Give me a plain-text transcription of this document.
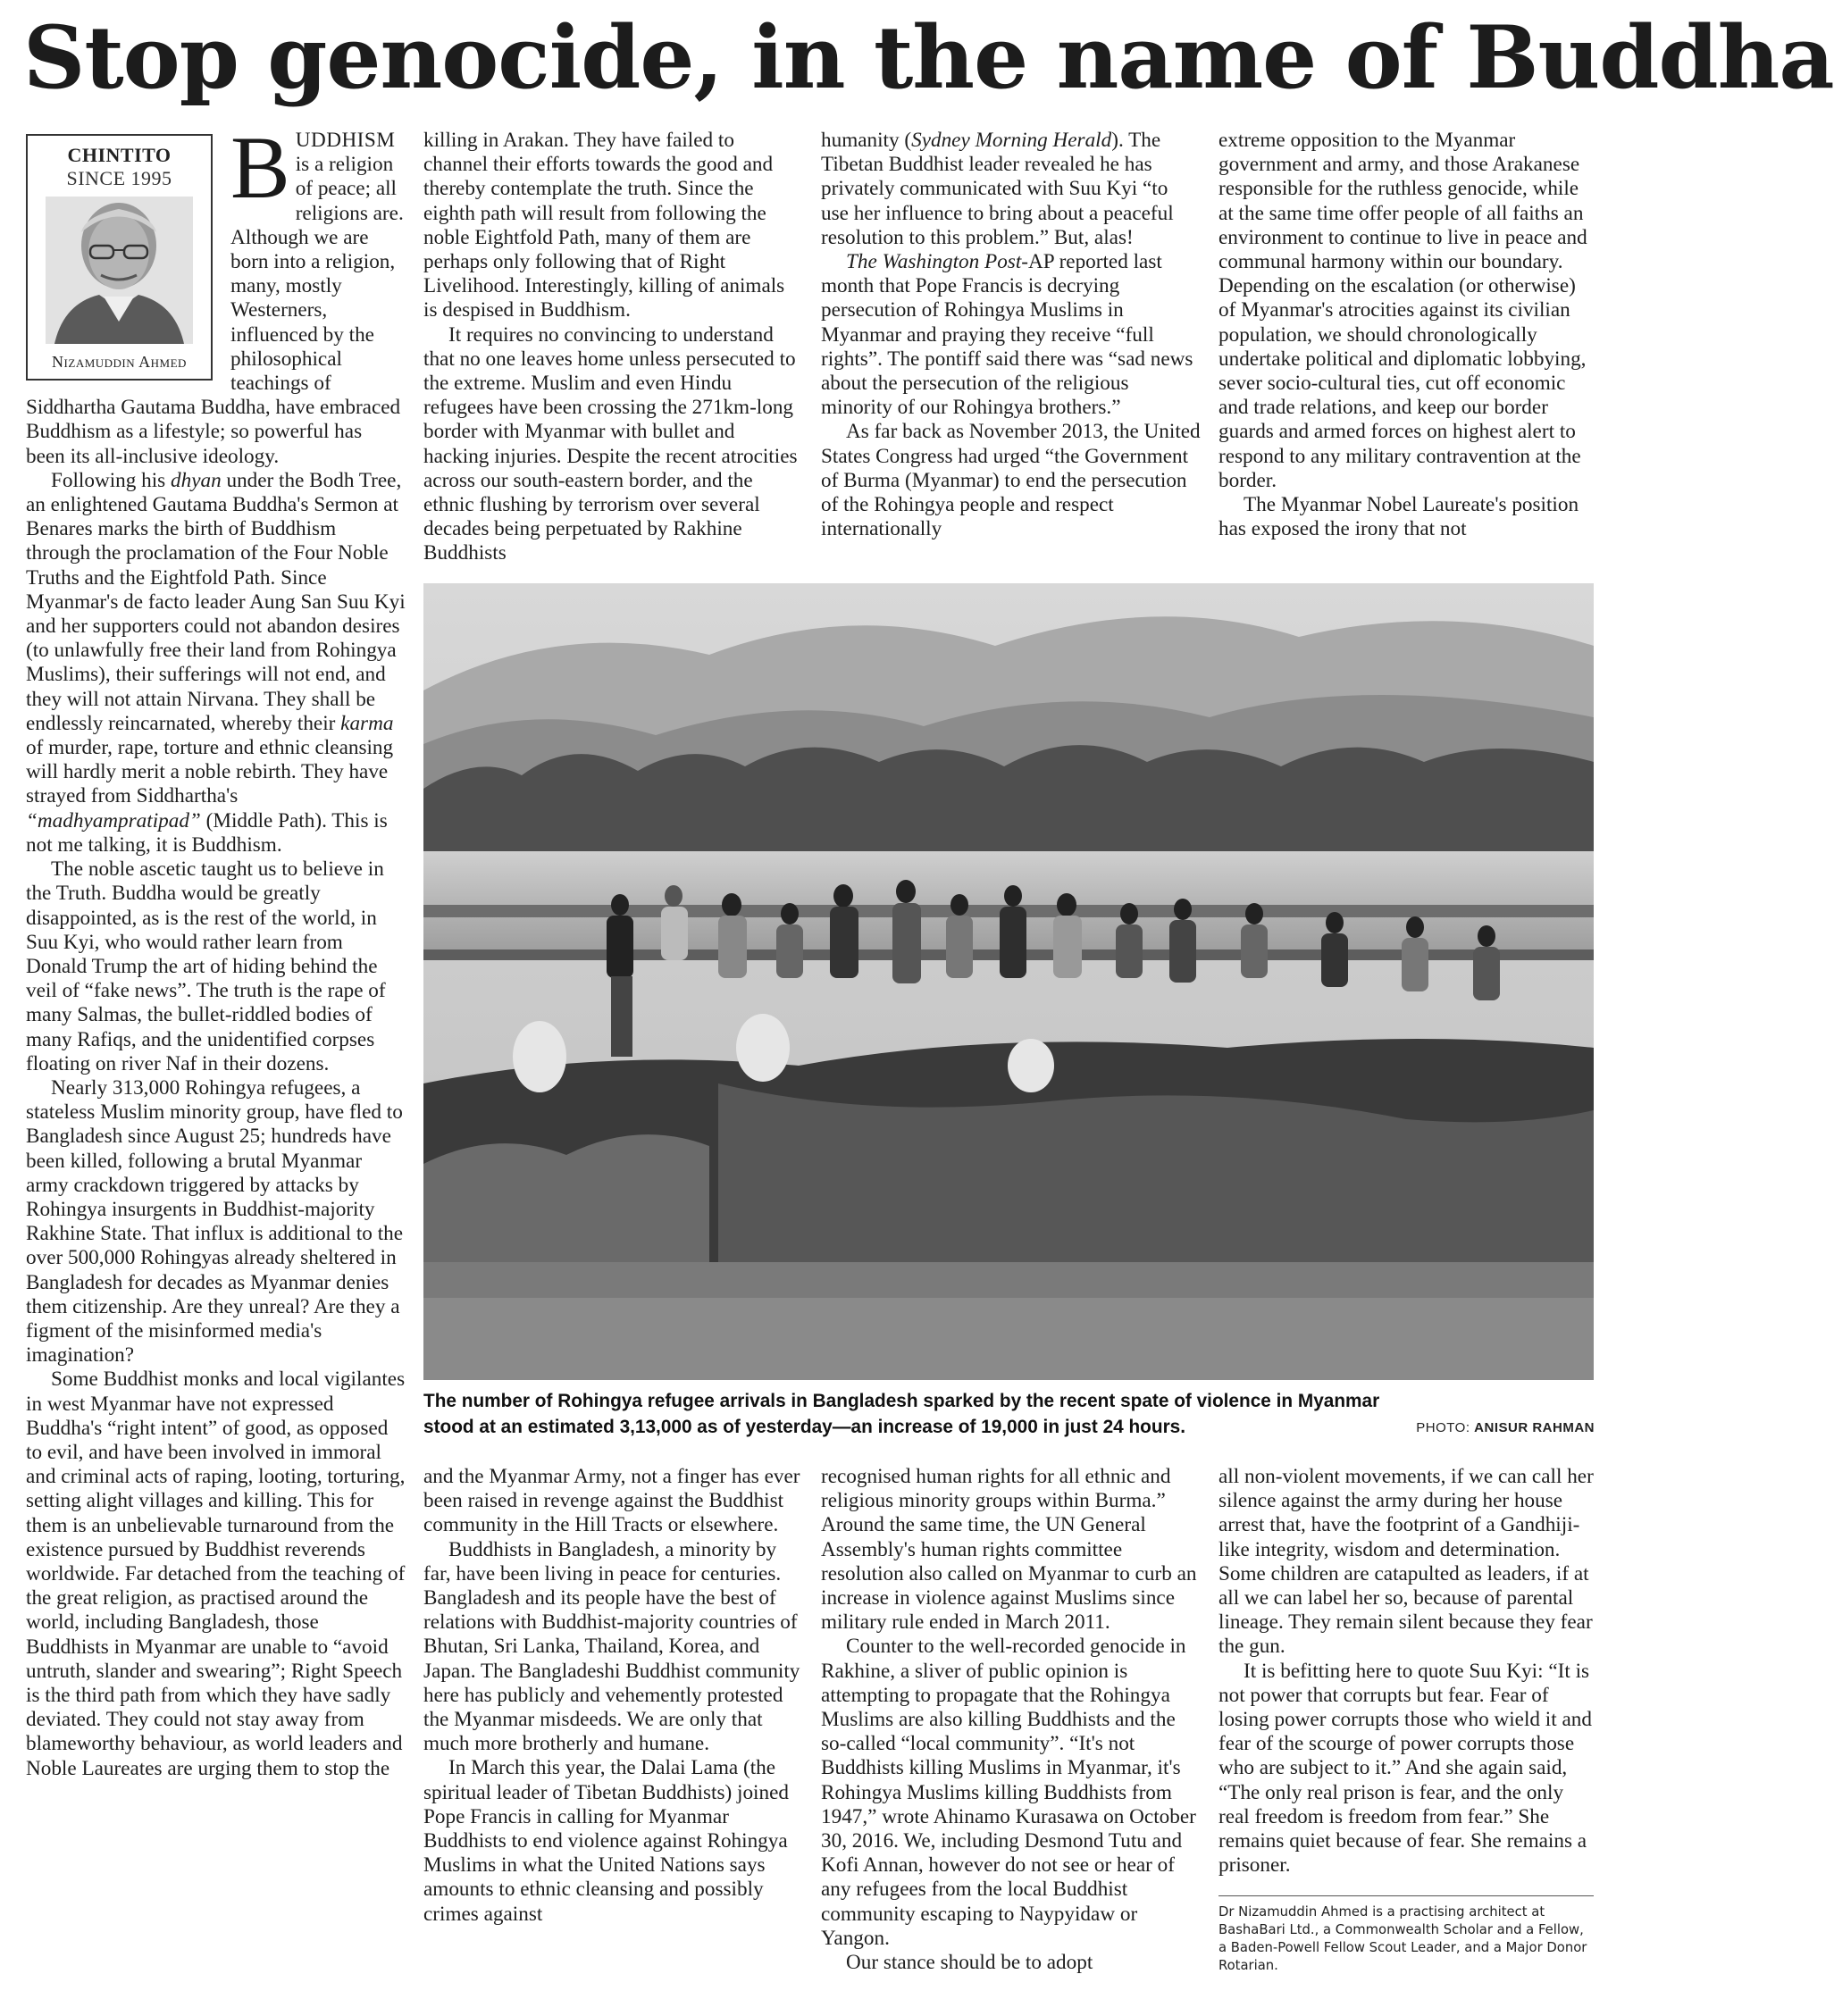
Stop genocide, in the name of Buddha
CHINTITO
SINCE 1995
Nizamuddin Ahmed

BUDDHISM is a religion of peace; all religions are. Although we are born into a religion, many, mostly Westerners, influenced by the philosophical teachings of Siddhartha Gautama Buddha, have embraced Buddhism as a lifestyle; so powerful has been its all-inclusive ideology.

Following his dhyan under the Bodh Tree, an enlightened Gautama Buddha's Sermon at Benares marks the birth of Buddhism through the proclamation of the Four Noble Truths and the Eightfold Path. Since Myanmar's de facto leader Aung San Suu Kyi and her supporters could not abandon desires (to unlawfully free their land from Rohingya Muslims), their sufferings will not end, and they will not attain Nirvana. They shall be endlessly reincarnated, whereby their karma of murder, rape, torture and ethnic cleansing will hardly merit a noble rebirth. They have strayed from Siddhartha's “madhyampratipad” (Middle Path). This is not me talking, it is Buddhism.

The noble ascetic taught us to believe in the Truth. Buddha would be greatly disappointed, as is the rest of the world, in Suu Kyi, who would rather learn from Donald Trump the art of hiding behind the veil of “fake news”. The truth is the rape of many Salmas, the bullet-riddled bodies of many Rafiqs, and the unidentified corpses floating on river Naf in their dozens.

Nearly 313,000 Rohingya refugees, a stateless Muslim minority group, have fled to Bangladesh since August 25; hundreds have been killed, following a brutal Myanmar army crackdown triggered by attacks by Rohingya insurgents in Buddhist-majority Rakhine State. That influx is additional to the over 500,000 Rohingyas already sheltered in Bangladesh for decades as Myanmar denies them citizenship. Are they unreal? Are they a figment of the misinformed media's imagination?

Some Buddhist monks and local vigilantes in west Myanmar have not expressed Buddha's “right intent” of good, as opposed to evil, and have been involved in immoral and criminal acts of raping, looting, torturing, setting alight villages and killing. This for them is an unbelievable turnaround from the existence pursued by Buddhist reverends worldwide. Far detached from the teaching of the great religion, as practised around the world, including Bangladesh, those Buddhists in Myanmar are unable to “avoid untruth, slander and swearing”; Right Speech is the third path from which they have sadly deviated. They could not stay away from blameworthy behaviour, as world leaders and Noble Laureates are urging them to stop the

killing in Arakan. They have failed to channel their efforts towards the good and thereby contemplate the truth. Since the eighth path will result from following the noble Eightfold Path, many of them are perhaps only following that of Right Livelihood. Interestingly, killing of animals is despised in Buddhism.

It requires no convincing to understand that no one leaves home unless persecuted to the extreme. Muslim and even Hindu refugees have been crossing the 271km-long border with Myanmar with bullet and hacking injuries. Despite the recent atrocities across our south-eastern border, and the ethnic flushing by terrorism over several decades being perpetuated by Rakhine Buddhists

humanity (Sydney Morning Herald). The Tibetan Buddhist leader revealed he has privately communicated with Suu Kyi “to use her influence to bring about a peaceful resolution to this problem.” But, alas!

The Washington Post-AP reported last month that Pope Francis is decrying persecution of Rohingya Muslims in Myanmar and praying they receive “full rights”. The pontiff said there was “sad news about the persecution of the religious minority of our Rohingya brothers.”

As far back as November 2013, the United States Congress had urged “the Government of Burma (Myanmar) to end the persecution of the Rohingya people and respect internationally

extreme opposition to the Myanmar government and army, and those Arakanese responsible for the ruthless genocide, while at the same time offer people of all faiths an environment to continue to live in peace and communal harmony within our boundary. Depending on the escalation (or otherwise) of Myanmar's atrocities against its civilian population, we should chronologically undertake political and diplomatic lobbying, sever socio-cultural ties, cut off economic and trade relations, and keep our border guards and armed forces on highest alert to respond to any military contravention at the border.

The Myanmar Nobel Laureate's position has exposed the irony that not

The number of Rohingya refugee arrivals in Bangladesh sparked by the recent spate of violence in Myanmar stood at an estimated 3,13,000 as of yesterday—an increase of 19,000 in just 24 hours.	PHOTO: ANISUR RAHMAN

and the Myanmar Army, not a finger has ever been raised in revenge against the Buddhist community in the Hill Tracts or elsewhere.

Buddhists in Bangladesh, a minority by far, have been living in peace for centuries. Bangladesh and its people have the best of relations with Buddhist-majority countries of Bhutan, Sri Lanka, Thailand, Korea, and Japan. The Bangladeshi Buddhist community here has publicly and vehemently protested the Myanmar misdeeds. We are only that much more brotherly and humane.

In March this year, the Dalai Lama (the spiritual leader of Tibetan Buddhists) joined Pope Francis in calling for Myanmar Buddhists to end violence against Rohingya Muslims in what the United Nations says amounts to ethnic cleansing and possibly crimes against

recognised human rights for all ethnic and religious minority groups within Burma.” Around the same time, the UN General Assembly's human rights committee resolution also called on Myanmar to curb an increase in violence against Muslims since military rule ended in March 2011.

Counter to the well-recorded genocide in Rakhine, a sliver of public opinion is attempting to propagate that the Rohingya Muslims are also killing Buddhists and the so-called “local community”. “It's not Buddhists killing Muslims in Myanmar, it's Rohingya Muslims killing Buddhists from 1947,” wrote Ahinamo Kurasawa on October 30, 2016. We, including Desmond Tutu and Kofi Annan, however do not see or hear of any refugees from the local Buddhist community escaping to Naypyidaw or Yangon.

Our stance should be to adopt

all non-violent movements, if we can call her silence against the army during her house arrest that, have the footprint of a Gandhiji-like integrity, wisdom and determination. Some children are catapulted as leaders, if at all we can label her so, because of parental lineage. They remain silent because they fear the gun.

It is befitting here to quote Suu Kyi: “It is not power that corrupts but fear. Fear of losing power corrupts those who wield it and fear of the scourge of power corrupts those who are subject to it.” And she again said, “The only real prison is fear, and the only real freedom is freedom from fear.” She remains quiet because of fear. She remains a prisoner.

Dr Nizamuddin Ahmed is a practising architect at BashaBari Ltd., a Commonwealth Scholar and a Fellow, a Baden-Powell Fellow Scout Leader, and a Major Donor Rotarian.
